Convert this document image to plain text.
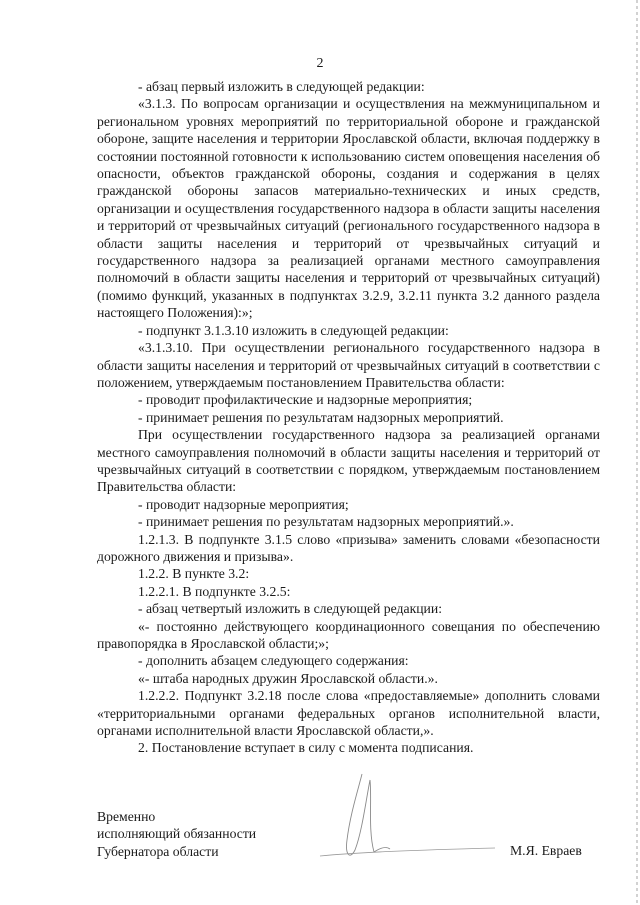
2

- абзац первый изложить в следующей редакции:

«3.1.3. По вопросам организации и осуществления на межмуниципальном и региональном уровнях мероприятий по территориальной обороне и гражданской обороне, защите населения и территории Ярославской области, включая поддержку в состоянии постоянной готовности к использованию систем оповещения населения об опасности, объектов гражданской обороны, создания и содержания в целях гражданской обороны запасов материально-технических и иных средств, организации и осуществления государственного надзора в области защиты населения и территорий от чрезвычайных ситуаций (регионального государственного надзора в области защиты населения и территорий от чрезвычайных ситуаций и государственного надзора за реализацией органами местного самоуправления полномочий в области защиты населения и территорий от чрезвычайных ситуаций) (помимо функций, указанных в подпунктах 3.2.9, 3.2.11 пункта 3.2 данного раздела настоящего Положения):»;

- подпункт 3.1.3.10 изложить в следующей редакции:

«3.1.3.10. При осуществлении регионального государственного надзора в области защиты населения и территорий от чрезвычайных ситуаций в соответствии с положением, утверждаемым постановлением Правительства области:

- проводит профилактические и надзорные мероприятия;

- принимает решения по результатам надзорных мероприятий.

При осуществлении государственного надзора за реализацией органами местного самоуправления полномочий в области защиты населения и территорий от чрезвычайных ситуаций в соответствии с порядком, утверждаемым постановлением Правительства области:

- проводит надзорные мероприятия;

- принимает решения по результатам надзорных мероприятий.».

1.2.1.3. В подпункте 3.1.5 слово «призыва» заменить словами «безопасности дорожного движения и призыва».

1.2.2. В пункте 3.2:

1.2.2.1. В подпункте 3.2.5:

- абзац четвертый изложить в следующей редакции:

«- постоянно действующего координационного совещания по обеспечению правопорядка в Ярославской области;»;

- дополнить абзацем следующего содержания:

«- штаба народных дружин Ярославской области.».

1.2.2.2. Подпункт 3.2.18 после слова «предоставляемые» дополнить словами «территориальными органами федеральных органов исполнительной власти, органами исполнительной власти Ярославской области,».

2. Постановление вступает в силу с момента подписания.

Временно
исполняющий обязанности
Губернатора области	М.Я. Евраев
